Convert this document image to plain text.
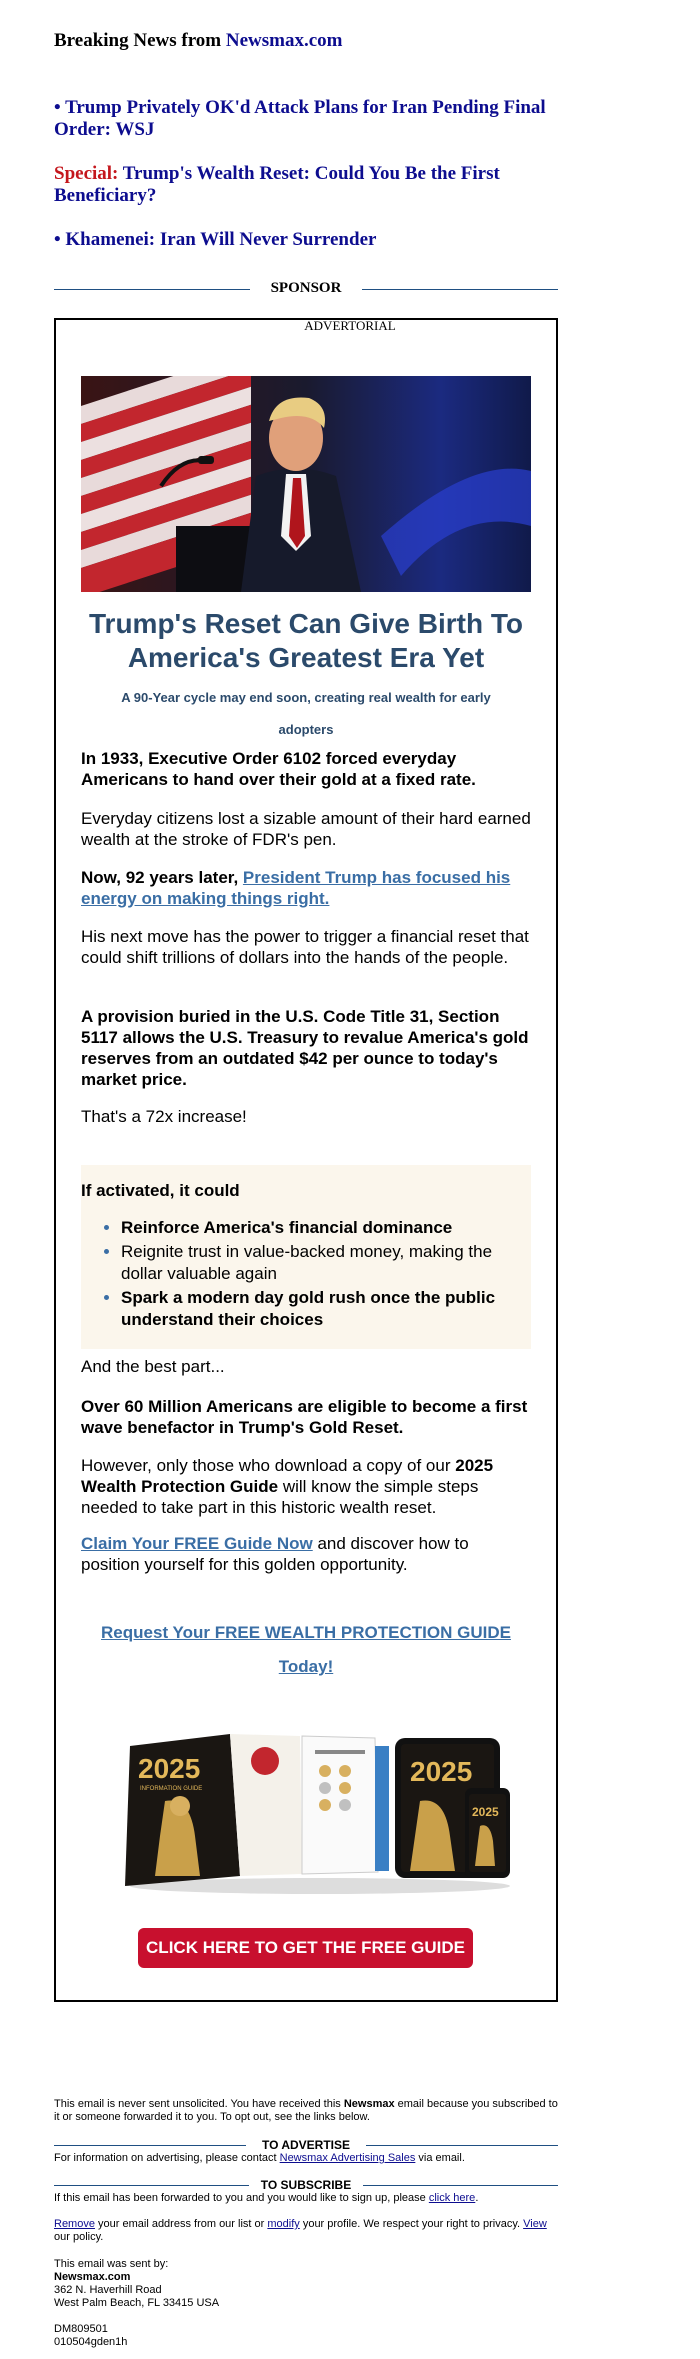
Breaking News from Newsmax.com
• Trump Privately OK'd Attack Plans for Iran Pending Final Order: WSJ
Special: Trump's Wealth Reset: Could You Be the First Beneficiary?
• Khamenei: Iran Will Never Surrender
SPONSOR
ADVERTORIAL
Trump's Reset Can Give Birth To America's Greatest Era Yet
A 90-Year cycle may end soon, creating real wealth for early adopters
In 1933, Executive Order 6102 forced everyday Americans to hand over their gold at a fixed rate.
Everyday citizens lost a sizable amount of their hard earned wealth at the stroke of FDR's pen.
Now, 92 years later, President Trump has focused his energy on making things right.
His next move has the power to trigger a financial reset that could shift trillions of dollars into the hands of the people.
A provision buried in the U.S. Code Title 31, Section 5117 allows the U.S. Treasury to revalue America's gold reserves from an outdated $42 per ounce to today's market price.
That's a 72x increase!
If activated, it could
• Reinforce America's financial dominance
• Reignite trust in value-backed money, making the dollar valuable again
• Spark a modern day gold rush once the public understand their choices
And the best part...
Over 60 Million Americans are eligible to become a first wave benefactor in Trump's Gold Reset.
However, only those who download a copy of our 2025 Wealth Protection Guide will know the simple steps needed to take part in this historic wealth reset.
Claim Your FREE Guide Now and discover how to position yourself for this golden opportunity.
Request Your FREE WEALTH PROTECTION GUIDE Today!
2025
INFORMATION GUIDE
2025
2025
CLICK HERE TO GET THE FREE GUIDE
This email is never sent unsolicited. You have received this Newsmax email because you subscribed to it or someone forwarded it to you. To opt out, see the links below.
TO ADVERTISE
For information on advertising, please contact Newsmax Advertising Sales via email.
TO SUBSCRIBE
If this email has been forwarded to you and you would like to sign up, please click here.
Remove your email address from our list or modify your profile. We respect your right to privacy. View our policy.
This email was sent by:
Newsmax.com
362 N. Haverhill Road
West Palm Beach, FL 33415 USA
DM809501
010504gden1h
